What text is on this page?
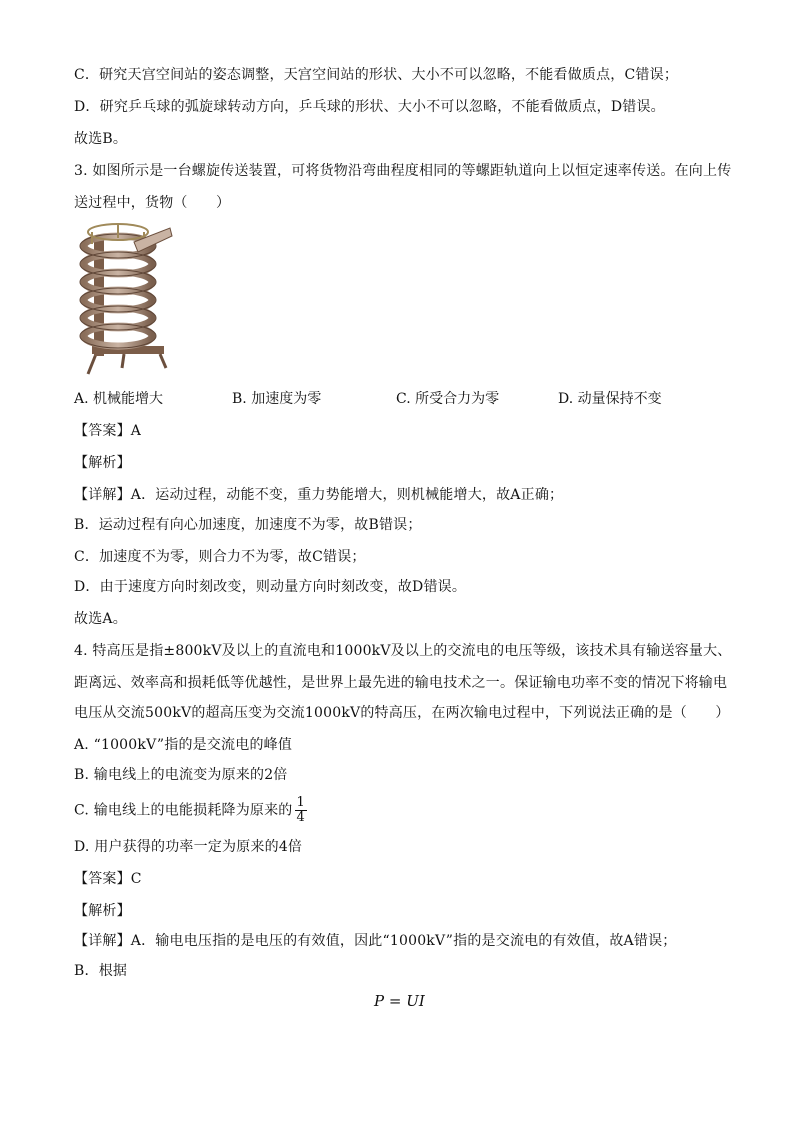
C．研究天宫空间站的姿态调整，天宫空间站的形状、大小不可以忽略，不能看做质点，C错误；
D．研究乒乓球的弧旋球转动方向，乒乓球的形状、大小不可以忽略，不能看做质点，D错误。
故选B。
3. 如图所示是一台螺旋传送装置，可将货物沿弯曲程度相同的等螺距轨道向上以恒定速率传送。在向上传
送过程中，货物（　　）
A. 机械能增大	B. 加速度为零	C. 所受合力为零	D. 动量保持不变
【答案】A
【解析】
【详解】A．运动过程，动能不变，重力势能增大，则机械能增大，故A正确；
B．运动过程有向心加速度，加速度不为零，故B错误；
C．加速度不为零，则合力不为零，故C错误；
D．由于速度方向时刻改变，则动量方向时刻改变，故D错误。
故选A。
4. 特高压是指±800kV及以上的直流电和1000kV及以上的交流电的电压等级，该技术具有输送容量大、
距离远、效率高和损耗低等优越性，是世界上最先进的输电技术之一。保证输电功率不变的情况下将输电
电压从交流500kV的超高压变为交流1000kV的特高压，在两次输电过程中，下列说法正确的是（　　）
A. “1000kV”指的是交流电的峰值
B. 输电线上的电流变为原来的2倍
C. 输电线上的电能损耗降为原来的 $\frac{1}{4}$
D. 用户获得的功率一定为原来的4倍
【答案】C
【解析】
【详解】A．输电电压指的是电压的有效值，因此“1000kV”指的是交流电的有效值，故A错误；
B．根据
P = UI
